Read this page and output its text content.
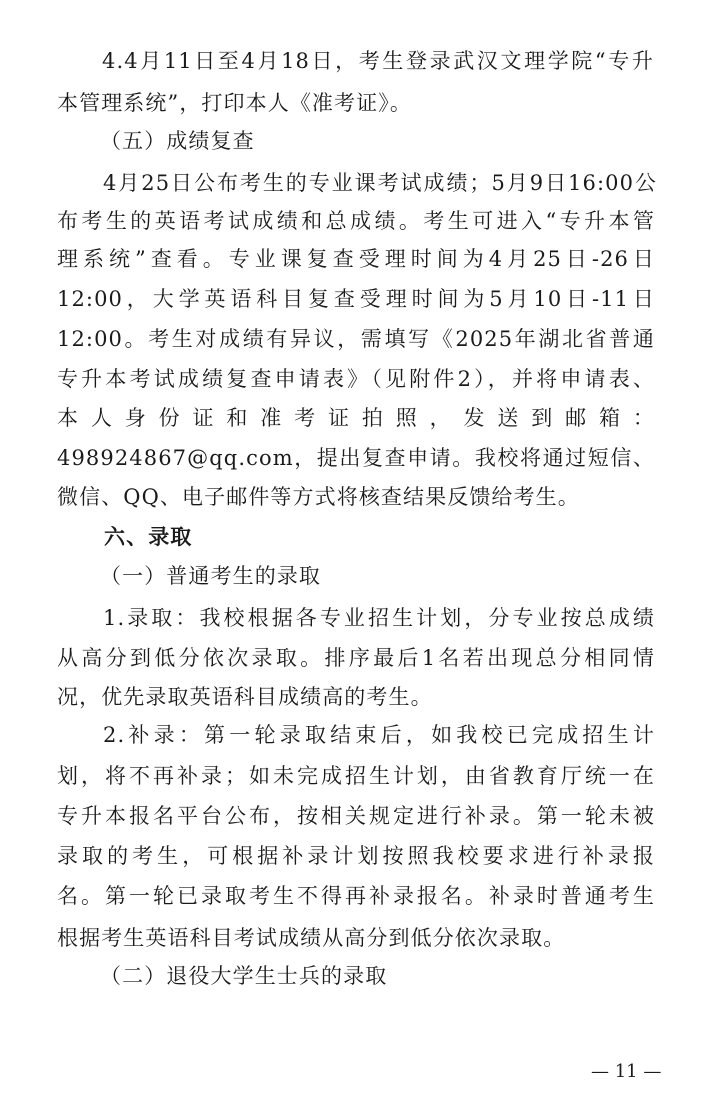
4.4月11日至4月18日，考生登录武汉文理学院“专升
本管理系统”，打印本人《准考证》。
（五）成绩复查
4月25日公布考生的专业课考试成绩；5月9日16:00公
布考生的英语考试成绩和总成绩。考生可进入“专升本管
理系统”查看。专业课复查受理时间为4月25日-26日
12:00，大学英语科目复查受理时间为5月10日-11日
12:00。考生对成绩有异议，需填写《2025年湖北省普通
专升本考试成绩复查申请表》（见附件2），并将申请表、
本人身份证和准考证拍照，发送到邮箱：
498924867@qq.com，提出复查申请。我校将通过短信、
微信、QQ、电子邮件等方式将核查结果反馈给考生。
六、录取
（一）普通考生的录取
1.录取：我校根据各专业招生计划，分专业按总成绩
从高分到低分依次录取。排序最后1名若出现总分相同情
况，优先录取英语科目成绩高的考生。
2.补录：第一轮录取结束后，如我校已完成招生计
划，将不再补录；如未完成招生计划，由省教育厅统一在
专升本报名平台公布，按相关规定进行补录。第一轮未被
录取的考生，可根据补录计划按照我校要求进行补录报
名。第一轮已录取考生不得再补录报名。补录时普通考生
根据考生英语科目考试成绩从高分到低分依次录取。
（二）退役大学生士兵的录取
— 11 —
